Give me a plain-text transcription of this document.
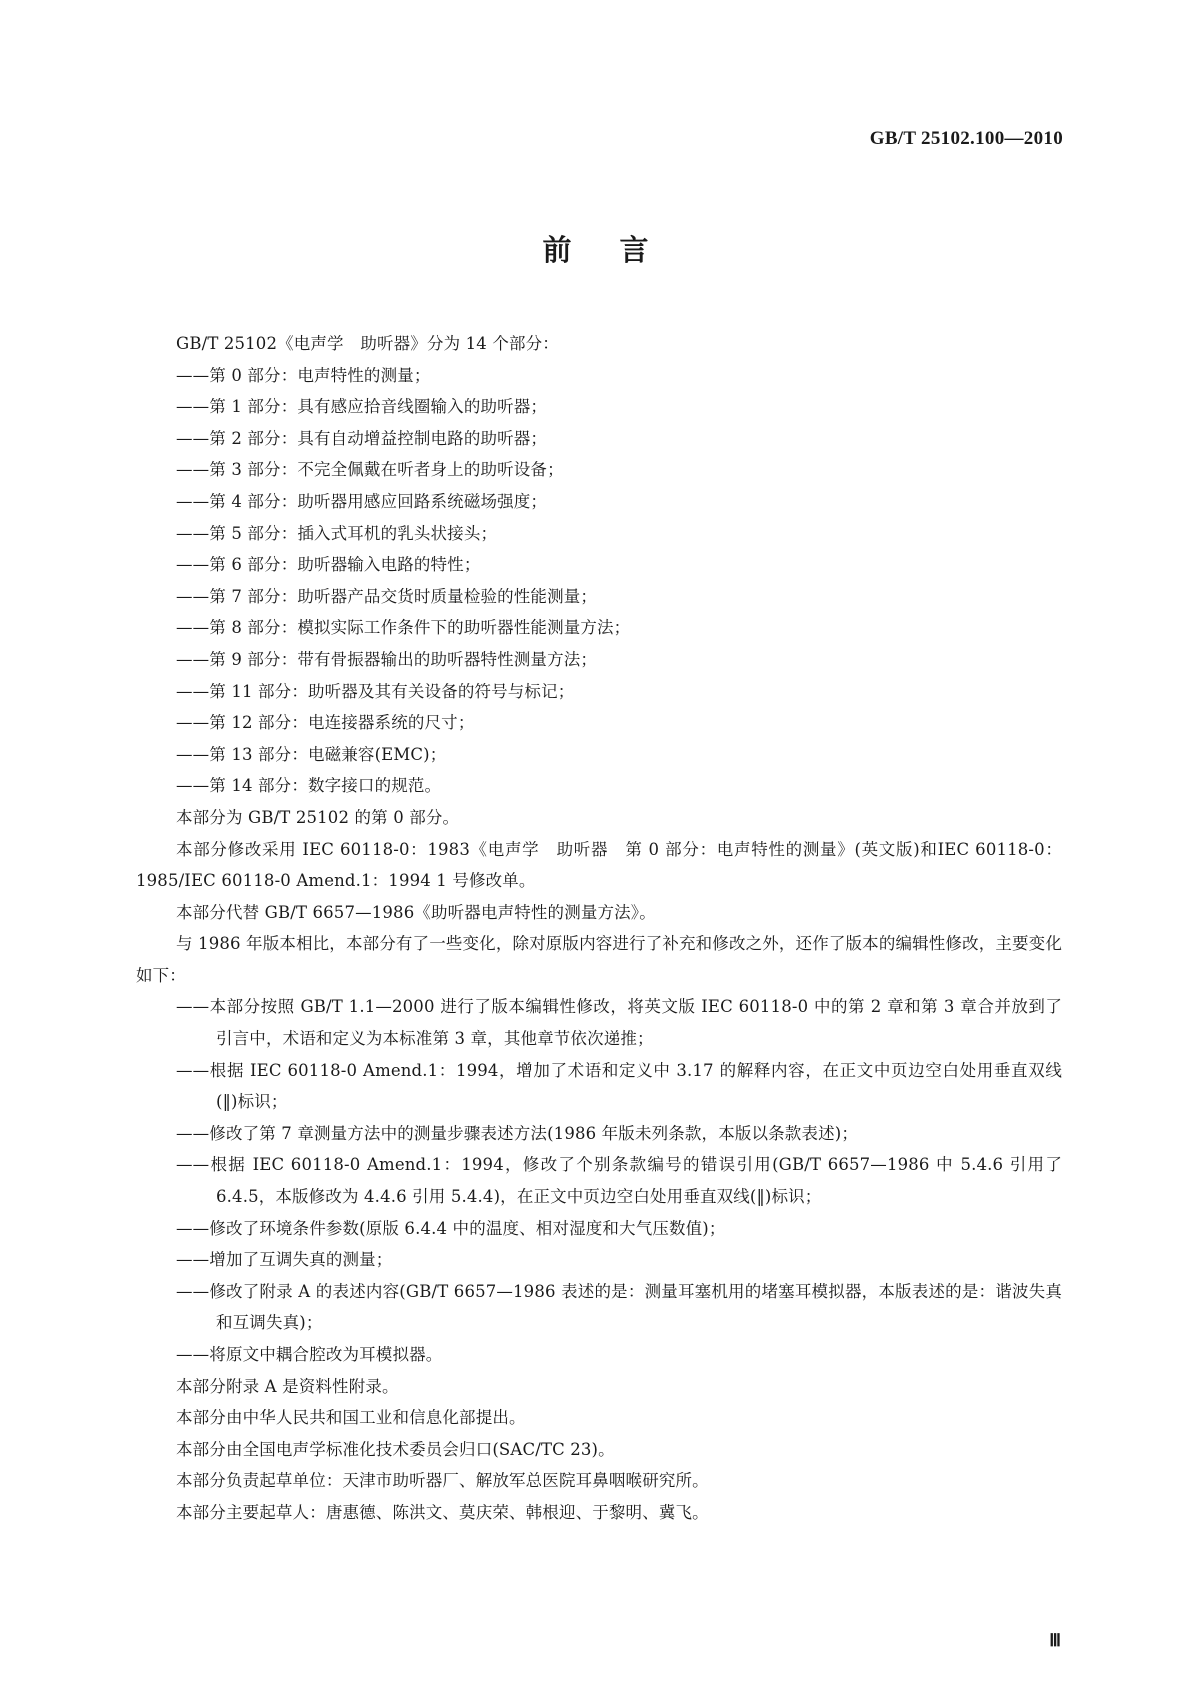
GB/T 25102.100—2010
前言

GB/T 25102《电声学　助听器》分为 14 个部分：

——第 0 部分：电声特性的测量；

——第 1 部分：具有感应拾音线圈输入的助听器；

——第 2 部分：具有自动增益控制电路的助听器；

——第 3 部分：不完全佩戴在听者身上的助听设备；

——第 4 部分：助听器用感应回路系统磁场强度；

——第 5 部分：插入式耳机的乳头状接头；

——第 6 部分：助听器输入电路的特性；

——第 7 部分：助听器产品交货时质量检验的性能测量；

——第 8 部分：模拟实际工作条件下的助听器性能测量方法；

——第 9 部分：带有骨振器输出的助听器特性测量方法；

——第 11 部分：助听器及其有关设备的符号与标记；

——第 12 部分：电连接器系统的尺寸；

——第 13 部分：电磁兼容(EMC)；

——第 14 部分：数字接口的规范。

本部分为 GB/T 25102 的第 0 部分。

本部分修改采用 IEC 60118-0：1983《电声学　助听器　第 0 部分：电声特性的测量》(英文版)和IEC 60118-0：1985/IEC 60118-0 Amend.1：1994 1 号修改单。

本部分代替 GB/T 6657—1986《助听器电声特性的测量方法》。

与 1986 年版本相比，本部分有了一些变化，除对原版内容进行了补充和修改之外，还作了版本的编辑性修改，主要变化如下：

——本部分按照 GB/T 1.1—2000 进行了版本编辑性修改，将英文版 IEC 60118-0 中的第 2 章和第 3 章合并放到了引言中，术语和定义为本标准第 3 章，其他章节依次递推；

——根据 IEC 60118-0 Amend.1：1994，增加了术语和定义中 3.17 的解释内容，在正文中页边空白处用垂直双线(‖)标识；

——修改了第 7 章测量方法中的测量步骤表述方法(1986 年版未列条款，本版以条款表述)；

——根据 IEC 60118-0 Amend.1：1994，修改了个别条款编号的错误引用(GB/T 6657—1986 中 5.4.6 引用了 6.4.5，本版修改为 4.4.6 引用 5.4.4)，在正文中页边空白处用垂直双线(‖)标识；

——修改了环境条件参数(原版 6.4.4 中的温度、相对湿度和大气压数值)；

——增加了互调失真的测量；

——修改了附录 A 的表述内容(GB/T 6657—1986 表述的是：测量耳塞机用的堵塞耳模拟器，本版表述的是：谐波失真和互调失真)；

——将原文中耦合腔改为耳模拟器。

本部分附录 A 是资料性附录。

本部分由中华人民共和国工业和信息化部提出。

本部分由全国电声学标准化技术委员会归口(SAC/TC 23)。

本部分负责起草单位：天津市助听器厂、解放军总医院耳鼻咽喉研究所。

本部分主要起草人：唐惠德、陈洪文、莫庆荣、韩根迎、于黎明、冀飞。

Ⅲ
